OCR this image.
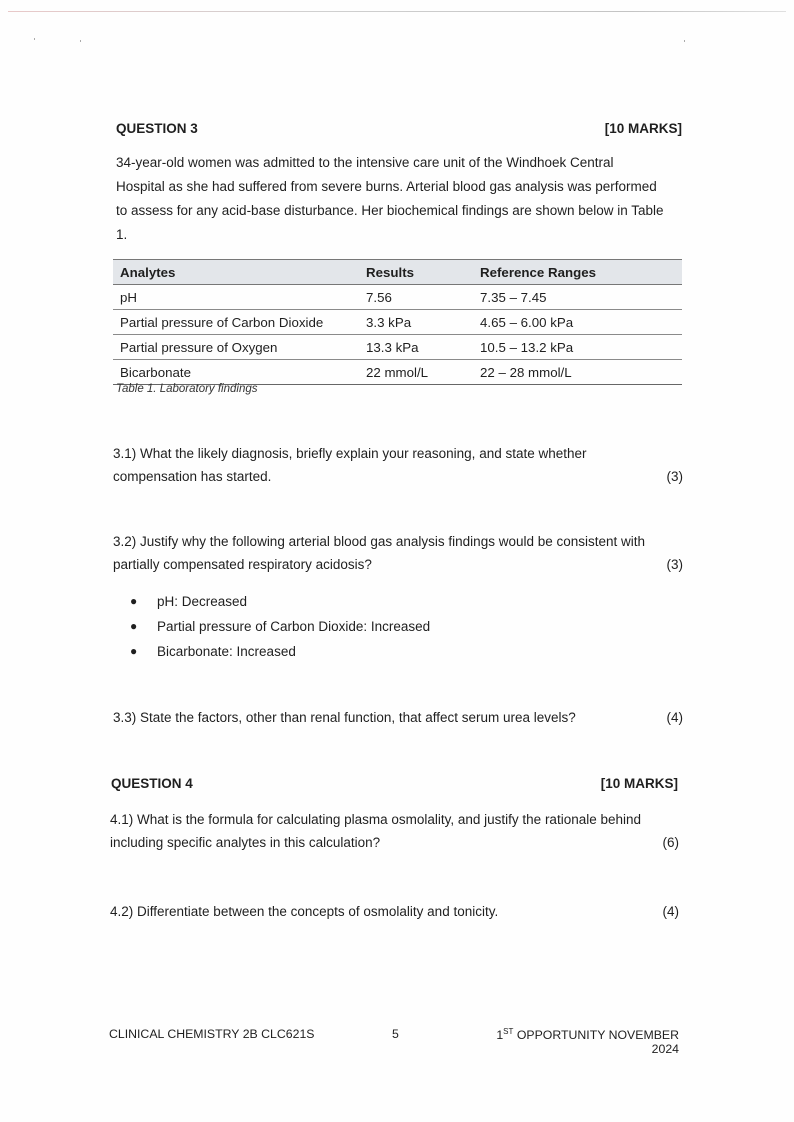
QUESTION 3	[10 MARKS]
34-year-old women was admitted to the intensive care unit of the Windhoek Central
Hospital as she had suffered from severe burns. Arterial blood gas analysis was performed
to assess for any acid-base disturbance. Her biochemical findings are shown below in Table
1.
Analytes	Results	Reference Ranges
pH	7.56	7.35 – 7.45
Partial pressure of Carbon Dioxide	3.3 kPa	4.65 – 6.00 kPa
Partial pressure of Oxygen	13.3 kPa	10.5 – 13.2 kPa
Bicarbonate	22 mmol/L	22 – 28 mmol/L
Table 1. Laboratory findings
3.1) What the likely diagnosis, briefly explain your reasoning, and state whether
compensation has started.	(3)
3.2) Justify why the following arterial blood gas analysis findings would be consistent with
partially compensated respiratory acidosis?	(3)
●	pH: Decreased
●	Partial pressure of Carbon Dioxide: Increased
●	Bicarbonate: Increased
3.3) State the factors, other than renal function, that affect serum urea levels?	(4)
QUESTION 4	[10 MARKS]
4.1) What is the formula for calculating plasma osmolality, and justify the rationale behind
including specific analytes in this calculation?	(6)
4.2) Differentiate between the concepts of osmolality and tonicity.	(4)
CLINICAL CHEMISTRY 2B CLC621S	5	1ST OPPORTUNITY NOVEMBER 2024
